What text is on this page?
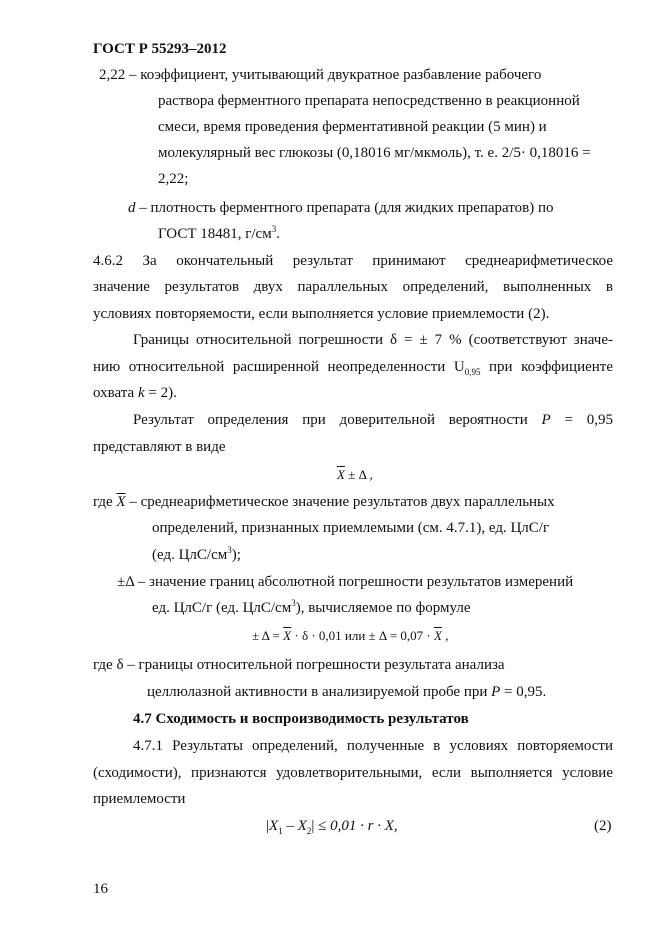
ГОСТ Р 55293–2012
2,22 – коэффициент, учитывающий двукратное разбавление рабочего
раствора ферментного препарата непосредственно в реакционной
смеси, время проведения ферментативной реакции (5 мин) и
молекулярный вес глюкозы (0,18016 мг/мкмоль), т. е. 2/5· 0,18016 =
2,22;
d – плотность ферментного препарата (для жидких препаратов) по
ГОСТ 18481, $г/см^3$.
4.6.2 За окончательный результат принимают среднеарифметическое
значение результатов двух параллельных определений, выполненных в
условиях повторяемости, если выполняется условие приемлемости (2).
Границы относительной погрешности δ = ± 7 % (соответствуют значе-
нию относительной расширенной неопределенности $U_{0,95}$ при коэффициенте
охвата k = 2).
Результат определения при доверительной вероятности P = 0,95
представляют в виде
$\overline{X} \pm \Delta$ ,
где $\overline{X}$ – среднеарифметическое значение результатов двух параллельных
определений, признанных приемлемыми (см. 4.7.1), ед. ЦлС/г
(ед. ЦлС/$см^3$);
±Δ – значение границ абсолютной погрешности результатов измерений
ед. ЦлС/г (ед. ЦлС/$см^3$), вычисляемое по формуле
± $\Delta = \overline{X} \cdot \delta \cdot 0,01$ или ± $\Delta = 0,07 \cdot \overline{X}$ ,
где δ – границы относительной погрешности результата анализа
целлюлазной активности в анализируемой пробе при P = 0,95.
4.7 Сходимость и воспроизводимость результатов
4.7.1 Результаты определений, полученные в условиях повторяемости
(сходимости), признаются удовлетворительными, если выполняется условие
приемлемости
$|X_1 - X_2| \le 0,01 \cdot r \cdot X$,	(2)
16
